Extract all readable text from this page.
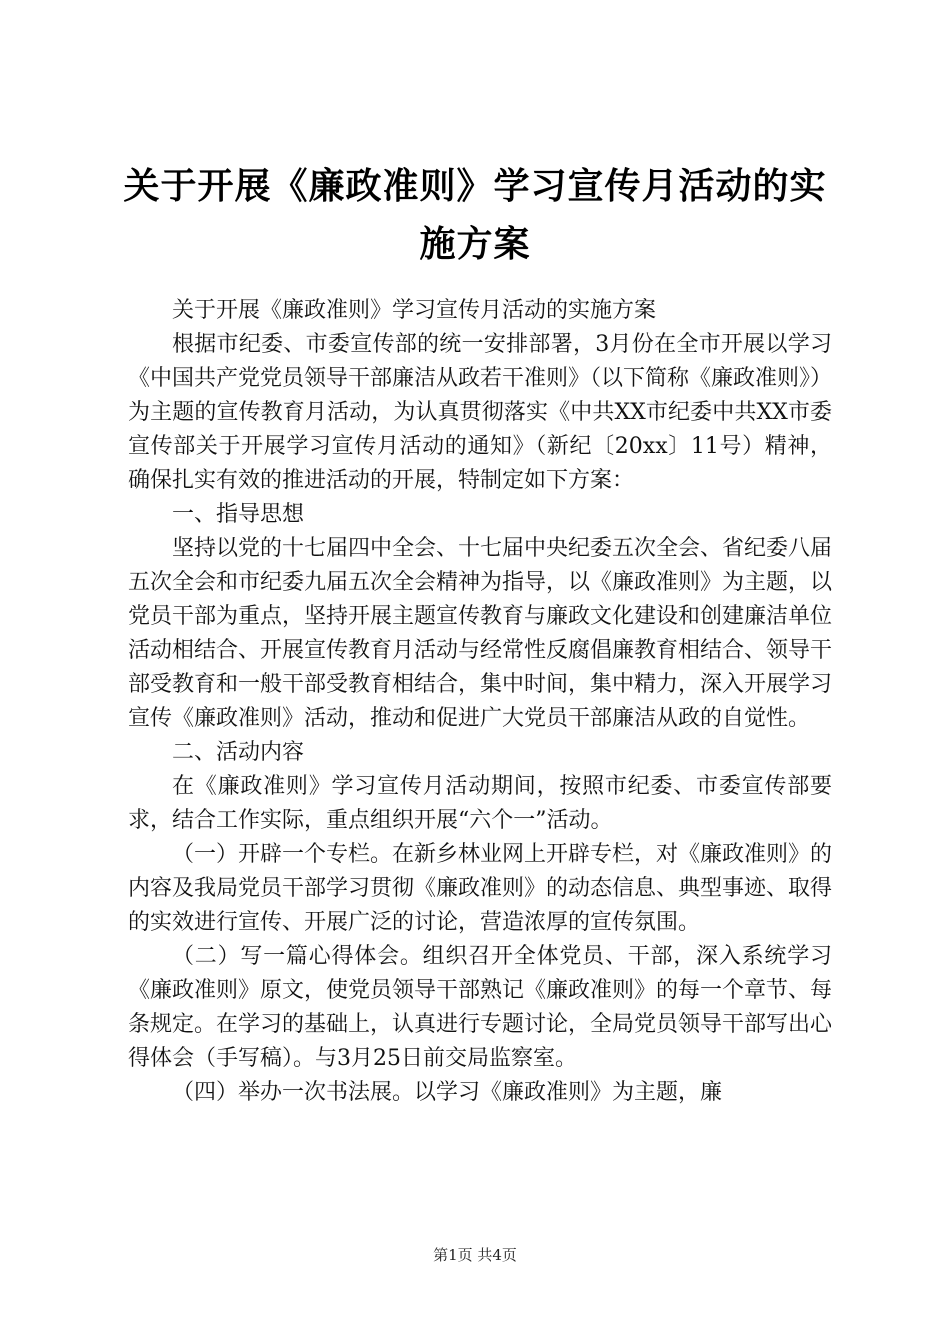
关于开展《廉政准则》学习宣传月活动的实施方案

关于开展《廉政准则》学习宣传月活动的实施方案

根据市纪委、市委宣传部的统一安排部署，3月份在全市开展以学习《中国共产党党员领导干部廉洁从政若干准则》（以下简称《廉政准则》）为主题的宣传教育月活动，为认真贯彻落实《中共XX市纪委中共XX市委宣传部关于开展学习宣传月活动的通知》（新纪〔20xx〕11号）精神，确保扎实有效的推进活动的开展，特制定如下方案：

一、指导思想

坚持以党的十七届四中全会、十七届中央纪委五次全会、省纪委八届五次全会和市纪委九届五次全会精神为指导，以《廉政准则》为主题，以党员干部为重点，坚持开展主题宣传教育与廉政文化建设和创建廉洁单位活动相结合、开展宣传教育月活动与经常性反腐倡廉教育相结合、领导干部受教育和一般干部受教育相结合，集中时间，集中精力，深入开展学习宣传《廉政准则》活动，推动和促进广大党员干部廉洁从政的自觉性。

二、活动内容

在《廉政准则》学习宣传月活动期间，按照市纪委、市委宣传部要求，结合工作实际，重点组织开展“六个一”活动。

（一）开辟一个专栏。在新乡林业网上开辟专栏，对《廉政准则》的内容及我局党员干部学习贯彻《廉政准则》的动态信息、典型事迹、取得的实效进行宣传、开展广泛的讨论，营造浓厚的宣传氛围。

（二）写一篇心得体会。组织召开全体党员、干部，深入系统学习《廉政准则》原文，使党员领导干部熟记《廉政准则》的每一个章节、每条规定。在学习的基础上，认真进行专题讨论，全局党员领导干部写出心得体会（手写稿）。与3月25日前交局监察室。

（四）举办一次书法展。以学习《廉政准则》为主题，廉

第1页 共4页
